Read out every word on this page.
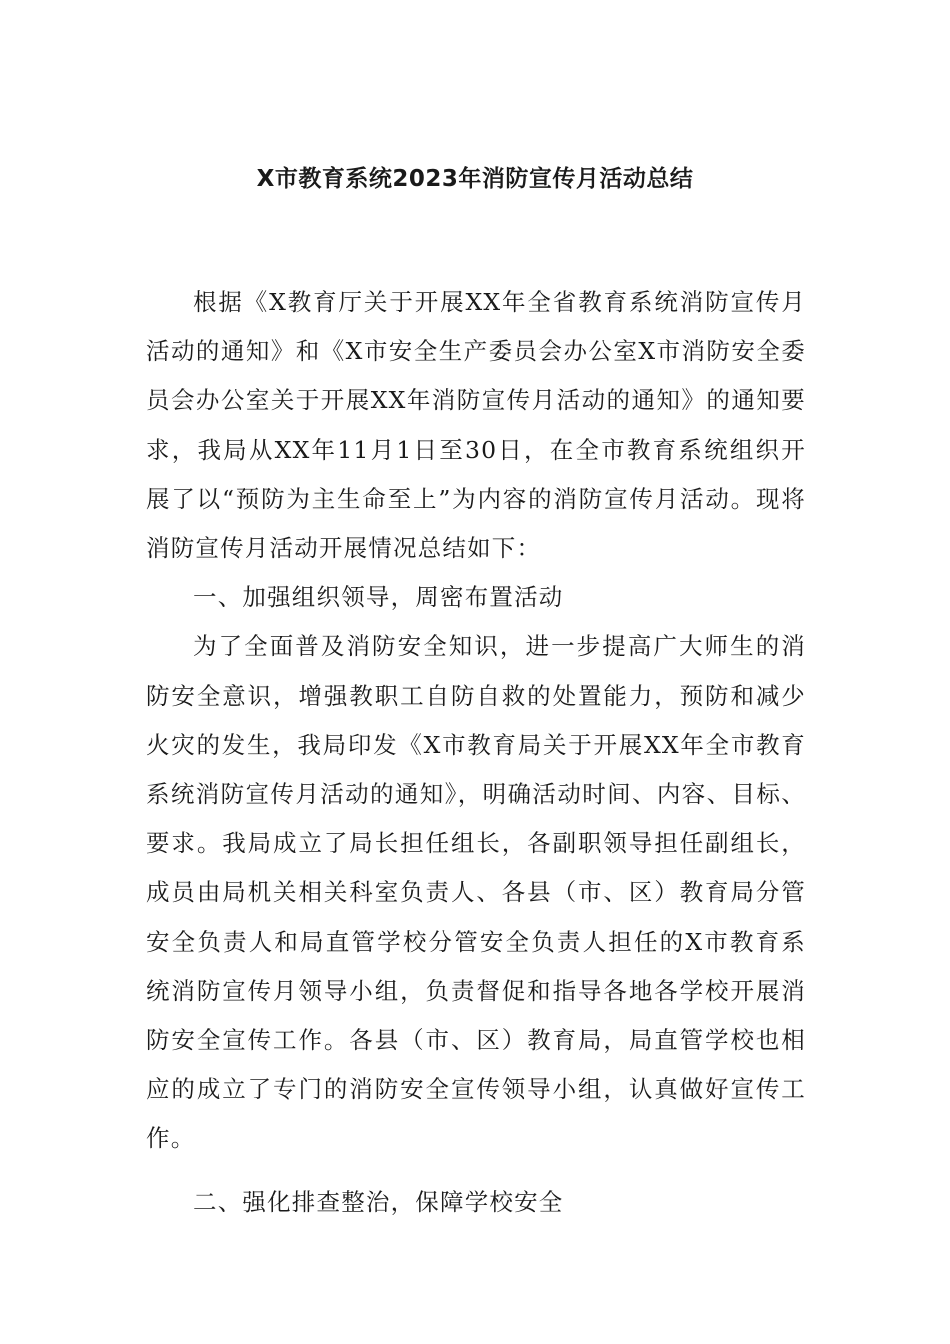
X市教育系统2023年消防宣传月活动总结

根据《X教育厅关于开展XX年全省教育系统消防宣传月活动的通知》和《X市安全生产委员会办公室X市消防安全委员会办公室关于开展XX年消防宣传月活动的通知》的通知要求，我局从XX年11月1日至30日，在全市教育系统组织开展了以“预防为主生命至上”为内容的消防宣传月活动。现将消防宣传月活动开展情况总结如下：

一、加强组织领导，周密布置活动

为了全面普及消防安全知识，进一步提高广大师生的消防安全意识，增强教职工自防自救的处置能力，预防和减少火灾的发生，我局印发《X市教育局关于开展XX年全市教育系统消防宣传月活动的通知》，明确活动时间、内容、目标、要求。我局成立了局长担任组长，各副职领导担任副组长，成员由局机关相关科室负责人、各县（市、区）教育局分管安全负责人和局直管学校分管安全负责人担任的X市教育系统消防宣传月领导小组，负责督促和指导各地各学校开展消防安全宣传工作。各县（市、区）教育局，局直管学校也相应的成立了专门的消防安全宣传领导小组，认真做好宣传工作。

二、强化排查整治，保障学校安全
